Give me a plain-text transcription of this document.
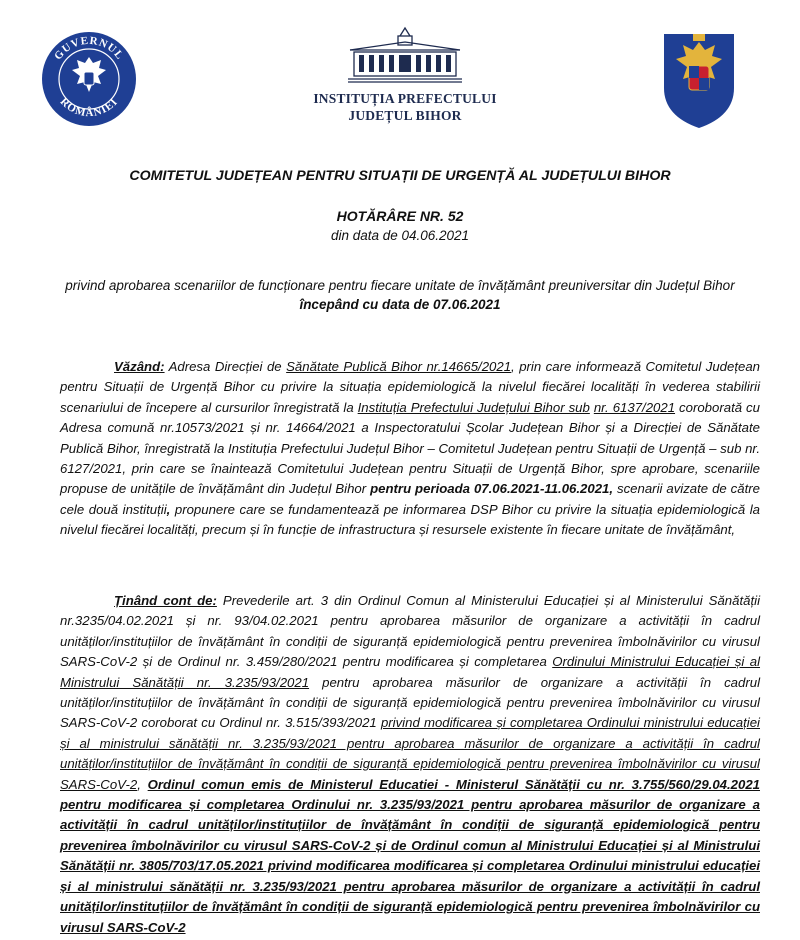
GUVERNUL
ROMÂNIEI	INSTITUȚIA PREFECTULUI
JUDEȚUL BIHOR
COMITETUL JUDEȚEAN PENTRU SITUAȚII DE URGENȚĂ AL JUDEȚULUI BIHOR
HOTĂRÂRE NR. 52
din data de 04.06.2021
privind aprobarea scenariilor de funcționare pentru fiecare unitate de învățământ preuniversitar din Județul Bihor
începând cu data de 07.06.2021
Văzând: Adresa Direcției de Sănătate Publică Bihor nr.14665/2021, prin care informează Comitetul Județean pentru Situații de Urgență Bihor cu privire la situația epidemiologică la nivelul fiecărei localități în vederea stabilirii scenariului de începere al cursurilor înregistrată la Instituția Prefectului Județului Bihor sub nr. 6137/2021 coroborată cu Adresa comună nr.10573/2021 și nr. 14664/2021 a Inspectoratului Școlar Județean Bihor și a Direcției de Sănătate Publică Bihor, înregistrată la Instituția Prefectului Județul Bihor – Comitetul Județean pentru Situații de Urgență – sub nr. 6127/2021, prin care se înaintează Comitetului Județean pentru Situații de Urgență Bihor, spre aprobare, scenariile propuse de unitățile de învățământ din Județul Bihor pentru perioada 07.06.2021-11.06.2021, scenarii avizate de către cele două instituții, propunere care se fundamentează pe informarea DSP Bihor cu privire la situația epidemiologică la nivelul fiecărei localități, precum și în funcție de infrastructura și resursele existente în fiecare unitate de învățământ,
Ținând cont de: Prevederile art. 3 din Ordinul Comun al Ministerului Educației și al Ministerului Sănătății nr.3235/04.02.2021 și nr. 93/04.02.2021 pentru aprobarea măsurilor de organizare a activității în cadrul unităților/instituțiilor de învățământ în condiții de siguranță epidemiologică pentru prevenirea îmbolnăvirilor cu virusul SARS-CoV-2 și de Ordinul nr. 3.459/280/2021 pentru modificarea și completarea Ordinului Ministrului Educației și al Ministrului Sănătății nr. 3.235/93/2021 pentru aprobarea măsurilor de organizare a activității în cadrul unităților/instituțiilor de învățământ în condiții de siguranță epidemiologică pentru prevenirea îmbolnăvirilor cu virusul SARS-CoV-2 coroborat cu Ordinul nr. 3.515/393/2021 privind modificarea și completarea Ordinului ministrului educației și al ministrului sănătății nr. 3.235/93/2021 pentru aprobarea măsurilor de organizare a activității în cadrul unităților/instituțiilor de învățământ în condiții de siguranță epidemiologică pentru prevenirea îmbolnăvirilor cu virusul SARS-CoV-2, Ordinul comun emis de Ministerul Educatiei - Ministerul Sănătății cu nr. 3.755/560/29.04.2021 pentru modificarea și completarea Ordinului nr. 3.235/93/2021 pentru aprobarea măsurilor de organizare a activității în cadrul unităților/instituțiilor de învățământ în condiții de siguranță epidemiologică pentru prevenirea îmbolnăvirilor cu virusul SARS-CoV-2 și de Ordinul comun al Ministrului Educației și al Ministrului Sănătății nr. 3805/703/17.05.2021 privind modificarea modificarea și completarea Ordinului ministrului educației și al ministrului sănătății nr. 3.235/93/2021 pentru aprobarea măsurilor de organizare a activității în cadrul unităților/instituțiilor de învățământ în condiții de siguranță epidemiologică pentru prevenirea îmbolnăvirilor cu virusul SARS-CoV-2
